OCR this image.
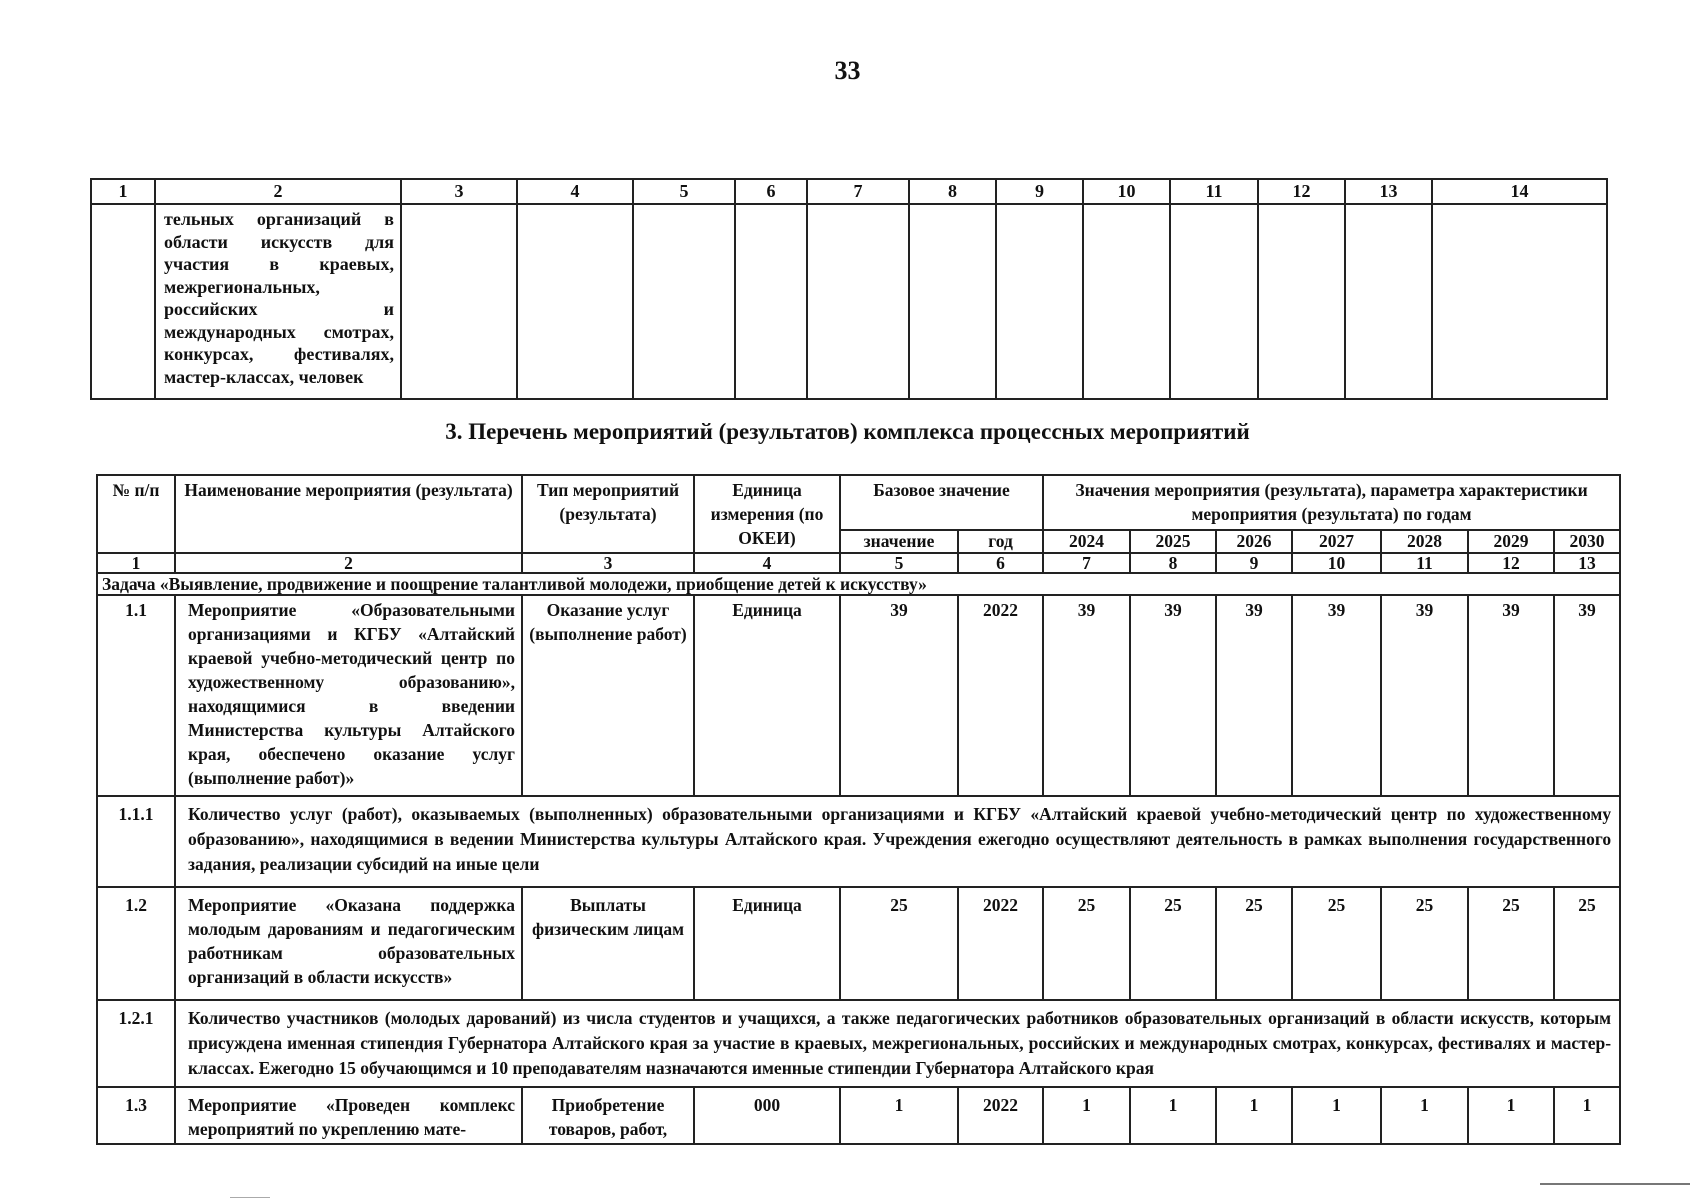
33
1	2	3	4	5	6	7	8	9	10	11	12	13	14
	тельных организаций в области искусств для участия в краевых, межрегиональных, российских и международных смотрах, конкурсах, фестивалях, мастер-классах, человек												
3. Перечень мероприятий (результатов) комплекса процессных мероприятий
№ п/п	Наименование мероприятия (результата)	Тип мероприятий (результата)	Единица измерения (по ОКЕИ)	Базовое значение		Значения мероприятия (результата), параметра характеристики мероприятия (результата) по годам						
				значение	год	2024	2025	2026	2027	2028	2029	2030
1	2	3	4	5	6	7	8	9	10	11	12	13
Задача «Выявление, продвижение и поощрение талантливой молодежи, приобщение детей к искусству»												
1.1	Мероприятие «Образовательными организациями и КГБУ «Алтайский краевой учебно-методический центр по художественному образованию», находящимися в введении Министерства культуры Алтайского края, обеспечено оказание услуг (выполнение работ)»	Оказание услуг (выполнение работ)	Единица	39	2022	39	39	39	39	39	39	39
1.1.1	Количество услуг (работ), оказываемых (выполненных) образовательными организациями и КГБУ «Алтайский краевой учебно-методический центр по художественному образованию», находящимися в ведении Министерства культуры Алтайского края. Учреждения ежегодно осуществляют деятельность в рамках выполнения государственного задания, реализации субсидий на иные цели											
1.2	Мероприятие «Оказана поддержка молодым дарованиям и педагогическим работникам образовательных организаций в области искусств»	Выплаты физическим лицам	Единица	25	2022	25	25	25	25	25	25	25
1.2.1	Количество участников (молодых дарований) из числа студентов и учащихся, а также педагогических работников образовательных организаций в области искусств, которым присуждена именная стипендия Губернатора Алтайского края за участие в краевых, межрегиональных, российских и международных смотрах, конкурсах, фестивалях и мастер-классах. Ежегодно 15 обучающимся и 10 преподавателям назначаются именные стипендии Губернатора Алтайского края											
1.3	Мероприятие «Проведен комплекс мероприятий по укреплению мате-	Приобретение товаров, работ,	000	1	2022	1	1	1	1	1	1	1
